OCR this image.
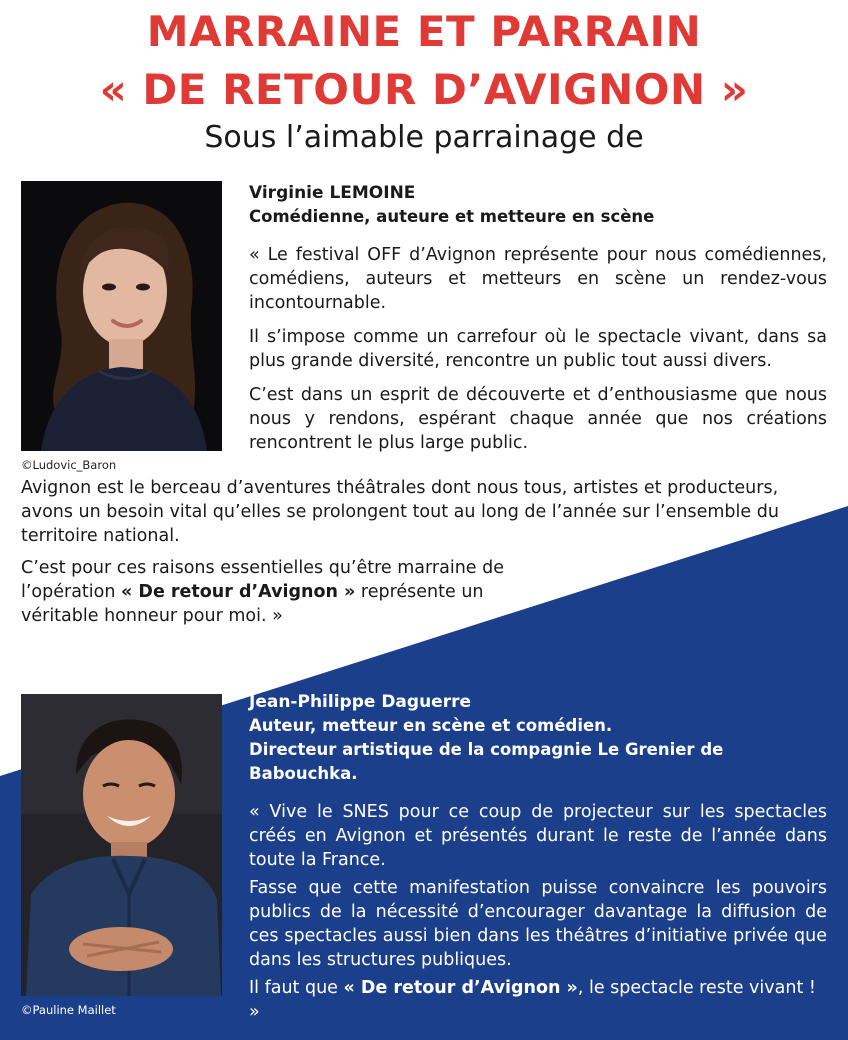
MARRAINE ET PARRAIN
« DE RETOUR D’AVIGNON »
Sous l’aimable parrainage de
©Ludovic_Baron
Virginie LEMOINE
Comédienne, auteure et metteure en scène

« Le festival OFF d’Avignon représente pour nous comédiennes, comédiens, auteurs et metteurs en scène un rendez-vous incontournable.

Il s’impose comme un carrefour où le spectacle vivant, dans sa plus grande diversité, rencontre un public tout aussi divers.

C’est dans un esprit de découverte et d’enthousiasme que nous nous y rendons, espérant chaque année que nos créations rencontrent le plus large public.

Avignon est le berceau d’aventures théâtrales dont nous tous, artistes et producteurs, avons un besoin vital qu’elles se prolongent tout au long de l’année sur l’ensemble du territoire national.

C’est pour ces raisons essentielles qu’être marraine de l’opération « De retour d’Avignon » représente un véritable honneur pour moi. »

©Pauline Maillet
Jean-Philippe Daguerre
Auteur, metteur en scène et comédien.
Directeur artistique de la compagnie Le Grenier de Babouchka.

« Vive le SNES pour ce coup de projecteur sur les spectacles créés en Avignon et présentés durant le reste de l’année dans toute la France.

Fasse que cette manifestation puisse convaincre les pouvoirs publics de la nécessité d’encourager davantage la diffusion de ces spectacles aussi bien dans les théâtres d’initiative privée que dans les structures publiques.

Il faut que « De retour d’Avignon », le spectacle reste vivant ! »
